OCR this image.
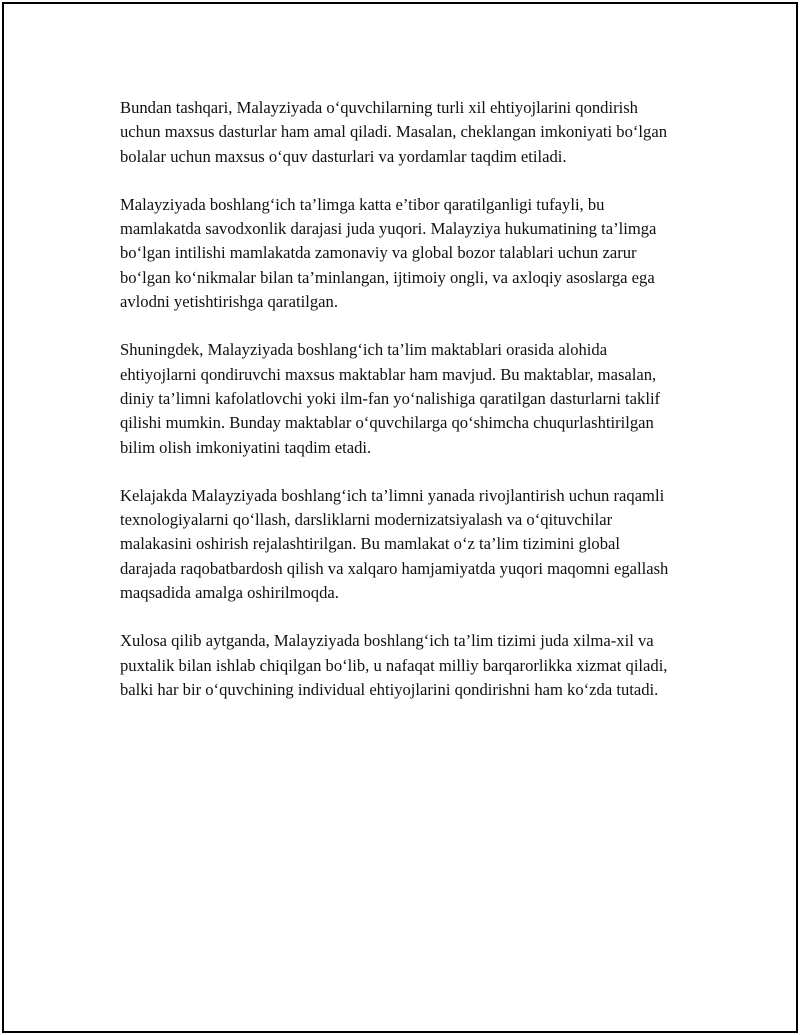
Bundan tashqari, Malayziyada o‘quvchilarning turli xil ehtiyojlarini qondirish uchun maxsus dasturlar ham amal qiladi. Masalan, cheklangan imkoniyati bo‘lgan bolalar uchun maxsus o‘quv dasturlari va yordamlar taqdim etiladi.

Malayziyada boshlang‘ich ta’limga katta e’tibor qaratilganligi tufayli, bu mamlakatda savodxonlik darajasi juda yuqori. Malayziya hukumatining ta’limga bo‘lgan intilishi mamlakatda zamonaviy va global bozor talablari uchun zarur bo‘lgan ko‘nikmalar bilan ta’minlangan, ijtimoiy ongli, va axloqiy asoslarga ega avlodni yetishtirishga qaratilgan.

Shuningdek, Malayziyada boshlang‘ich ta’lim maktablari orasida alohida ehtiyojlarni qondiruvchi maxsus maktablar ham mavjud. Bu maktablar, masalan, diniy ta’limni kafolatlovchi yoki ilm-fan yo‘nalishiga qaratilgan dasturlarni taklif qilishi mumkin. Bunday maktablar o‘quvchilarga qo‘shimcha chuqurlashtirilgan bilim olish imkoniyatini taqdim etadi.

Kelajakda Malayziyada boshlang‘ich ta’limni yanada rivojlantirish uchun raqamli texnologiyalarni qo‘llash, darsliklarni modernizatsiyalash va o‘qituvchilar malakasini oshirish rejalashtirilgan. Bu mamlakat o‘z ta’lim tizimini global darajada raqobatbardosh qilish va xalqaro hamjamiyatda yuqori maqomni egallash maqsadida amalga oshirilmoqda.

Xulosa qilib aytganda, Malayziyada boshlang‘ich ta’lim tizimi juda xilma-xil va puxtalik bilan ishlab chiqilgan bo‘lib, u nafaqat milliy barqarorlikka xizmat qiladi, balki har bir o‘quvchining individual ehtiyojlarini qondirishni ham ko‘zda tutadi.
